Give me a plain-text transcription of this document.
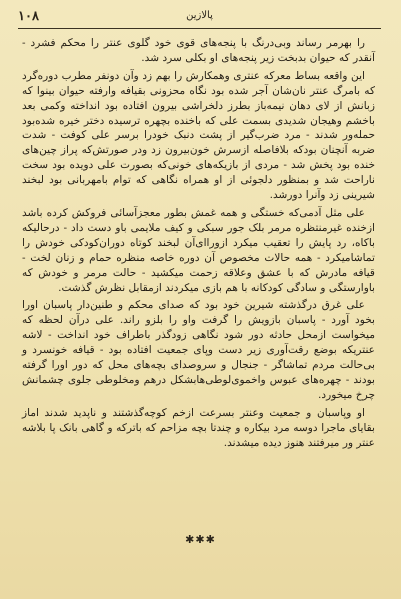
۱۰۸	پالازین

را بهرمر رساند وبی‌درنگ با پنجه‌های قوی خود گلوی عنتر را محکم فشرد - آنقدر که حیوان بدبخت زیر پنجه‌های او بکلی سرد شد.

این واقعه بساط معرکه عنتری وهمکارش را بهم زد وآن دونفر مطرب دوره‌گرد که بامرگ عنتر نان‌شان آجر شده بود نگاه محزونی بقیافه وارفته حیوان بینوا که زبانش از لای دهان نیمه‌باز بطرز دلخراشی بیرون افتاده بود انداخته وکمی بعد باخشم وهیجان شدیدی بسمت علی که باخنده بچهره ترسیده دختر خیره شده‌بود حمله‌ور شدند - مرد ضرب‌گیر از پشت دنبک خودرا برسر علی کوفت - شدت ضربه آنچنان بودکه بلافاصله ازسرش خون‌بیرون زد ودر صورتش‌که پراز چین‌های خنده بود پخش شد - مردی از بازیکه‌های خونی‌که بصورت علی دویده بود سخت ناراحت شد و بمنظور دلجوئی از او همراه نگاهی که توام بامهربانی بود لبخند شیرینی زد وآنرا دورشد.

علی مثل آدمی‌که خستگی و همه غمش بطور معجزآسائی فروکش کرده باشد ازخنده غیرمنتظره مرمر بلک جور سبکی و کیف ملایمی باو دست داد - درحالیکه باکاه، رد پایش را تعقیب میکرد ازوراای‌آن لبخند کوتاه دوران‌کودکی خودش را تماشامیکرد - همه حالات مخصوص آن دوره خاصه منظره حمام و زنان لخت - قیافه مادرش که با عشق وعلاقه زحمت میکشید - حالت مرمر و خودش که باوارستگی و سادگی کودکانه با هم بازی میکردند ازمقابل نظرش گذشت.

علی غرق درگذشته شیرین خود بود که صدای محکم و طنین‌دار پاسبان اورا بخود آورد - پاسبان بازویش را گرفت واو را بلزو راند. علی درآن لحظه که میخواست ازمحل حادثه دور شود نگاهی زودگذر باطراف خود انداخت - لاشه عنتریکه بوضع رقت‌آوری زیر دست وپای جمعیت افتاده بود - قیافه خونسرد و بی‌حالت مردم تماشاگر - جنجال و سروصدای بچه‌های محل که دور اورا گرفته بودند - چهره‌های عبوس واخموی‌لوطی‌هابشکل درهم ومخلوطی جلوی چشمانش چرخ میخورد.

او وپاسبان و جمعیت وعنتر بسرعت ازخم کوچه‌گذشتند و ناپدید شدند اماز بقایای ماجرا دوسه مرد بیکاره و چندتا بچه مزاحم که باترکه و گاهی بانک پا بلاشه عنتر ور میرفتند هنوز دیده میشدند.

✱✱✱
